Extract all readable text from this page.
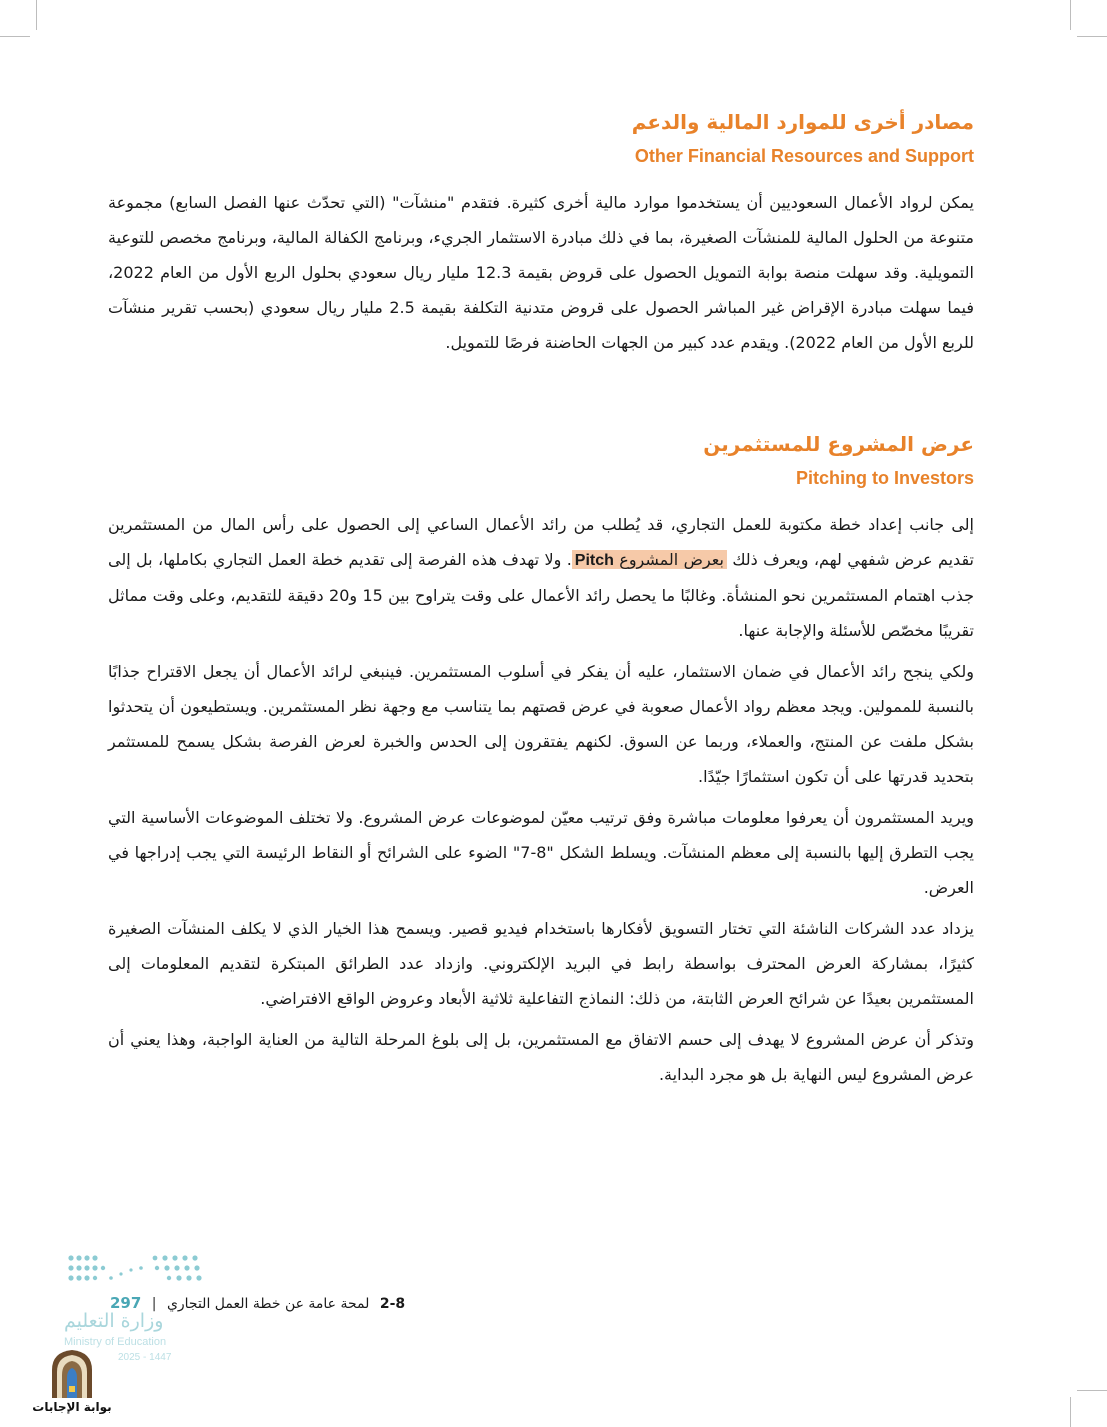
مصادر أخرى للموارد المالية والدعم
Other Financial Resources and Support

يمكن لرواد الأعمال السعوديين أن يستخدموا موارد مالية أخرى كثيرة. فتقدم "منشآت" (التي تحدّث عنها الفصل السابع) مجموعة متنوعة من الحلول المالية للمنشآت الصغيرة، بما في ذلك مبادرة الاستثمار الجريء، وبرنامج الكفالة المالية، وبرنامج مخصص للتوعية التمويلية. وقد سهلت منصة بوابة التمويل الحصول على قروض بقيمة 12.3 مليار ريال سعودي بحلول الربع الأول من العام 2022، فيما سهلت مبادرة الإقراض غير المباشر الحصول على قروض متدنية التكلفة بقيمة 2.5 مليار ريال سعودي (بحسب تقرير منشآت للربع الأول من العام 2022). ويقدم عدد كبير من الجهات الحاضنة فرصًا للتمويل.

عرض المشروع للمستثمرين
Pitching to Investors

إلى جانب إعداد خطة مكتوبة للعمل التجاري، قد يُطلب من رائد الأعمال الساعي إلى الحصول على رأس المال من المستثمرين تقديم عرض شفهي لهم، ويعرف ذلك بعرض المشروع Pitch. ولا تهدف هذه الفرصة إلى تقديم خطة العمل التجاري بكاملها، بل إلى جذب اهتمام المستثمرين نحو المنشأة. وغالبًا ما يحصل رائد الأعمال على وقت يتراوح بين 15 و20 دقيقة للتقديم، وعلى وقت مماثل تقريبًا مخصّص للأسئلة والإجابة عنها.

ولكي ينجح رائد الأعمال في ضمان الاستثمار، عليه أن يفكر في أسلوب المستثمرين. فينبغي لرائد الأعمال أن يجعل الاقتراح جذابًا بالنسبة للممولين. ويجد معظم رواد الأعمال صعوبة في عرض قصتهم بما يتناسب مع وجهة نظر المستثمرين. ويستطيعون أن يتحدثوا بشكل ملفت عن المنتج، والعملاء، وربما عن السوق. لكنهم يفتقرون إلى الحدس والخبرة لعرض الفرصة بشكل يسمح للمستثمر بتحديد قدرتها على أن تكون استثمارًا جيّدًا.

ويريد المستثمرون أن يعرفوا معلومات مباشرة وفق ترتيب معيّن لموضوعات عرض المشروع. ولا تختلف الموضوعات الأساسية التي يجب التطرق إليها بالنسبة إلى معظم المنشآت. ويسلط الشكل "8-7" الضوء على الشرائح أو النقاط الرئيسة التي يجب إدراجها في العرض.

يزداد عدد الشركات الناشئة التي تختار التسويق لأفكارها باستخدام فيديو قصير. ويسمح هذا الخيار الذي لا يكلف المنشآت الصغيرة كثيرًا، بمشاركة العرض المحترف بواسطة رابط في البريد الإلكتروني. وازداد عدد الطرائق المبتكرة لتقديم المعلومات إلى المستثمرين بعيدًا عن شرائح العرض الثابتة، من ذلك: النماذج التفاعلية ثلاثية الأبعاد وعروض الواقع الافتراضي.

وتذكر أن عرض المشروع لا يهدف إلى حسم الاتفاق مع المستثمرين، بل إلى بلوغ المرحلة التالية من العناية الواجبة، وهذا يعني أن عرض المشروع ليس النهاية بل هو مجرد البداية.

2-8 لمحة عامة عن خطة العمل التجاري | 297
وزارة التعليم
Ministry of Education
2025 - 1447
بوابة الإجابات
